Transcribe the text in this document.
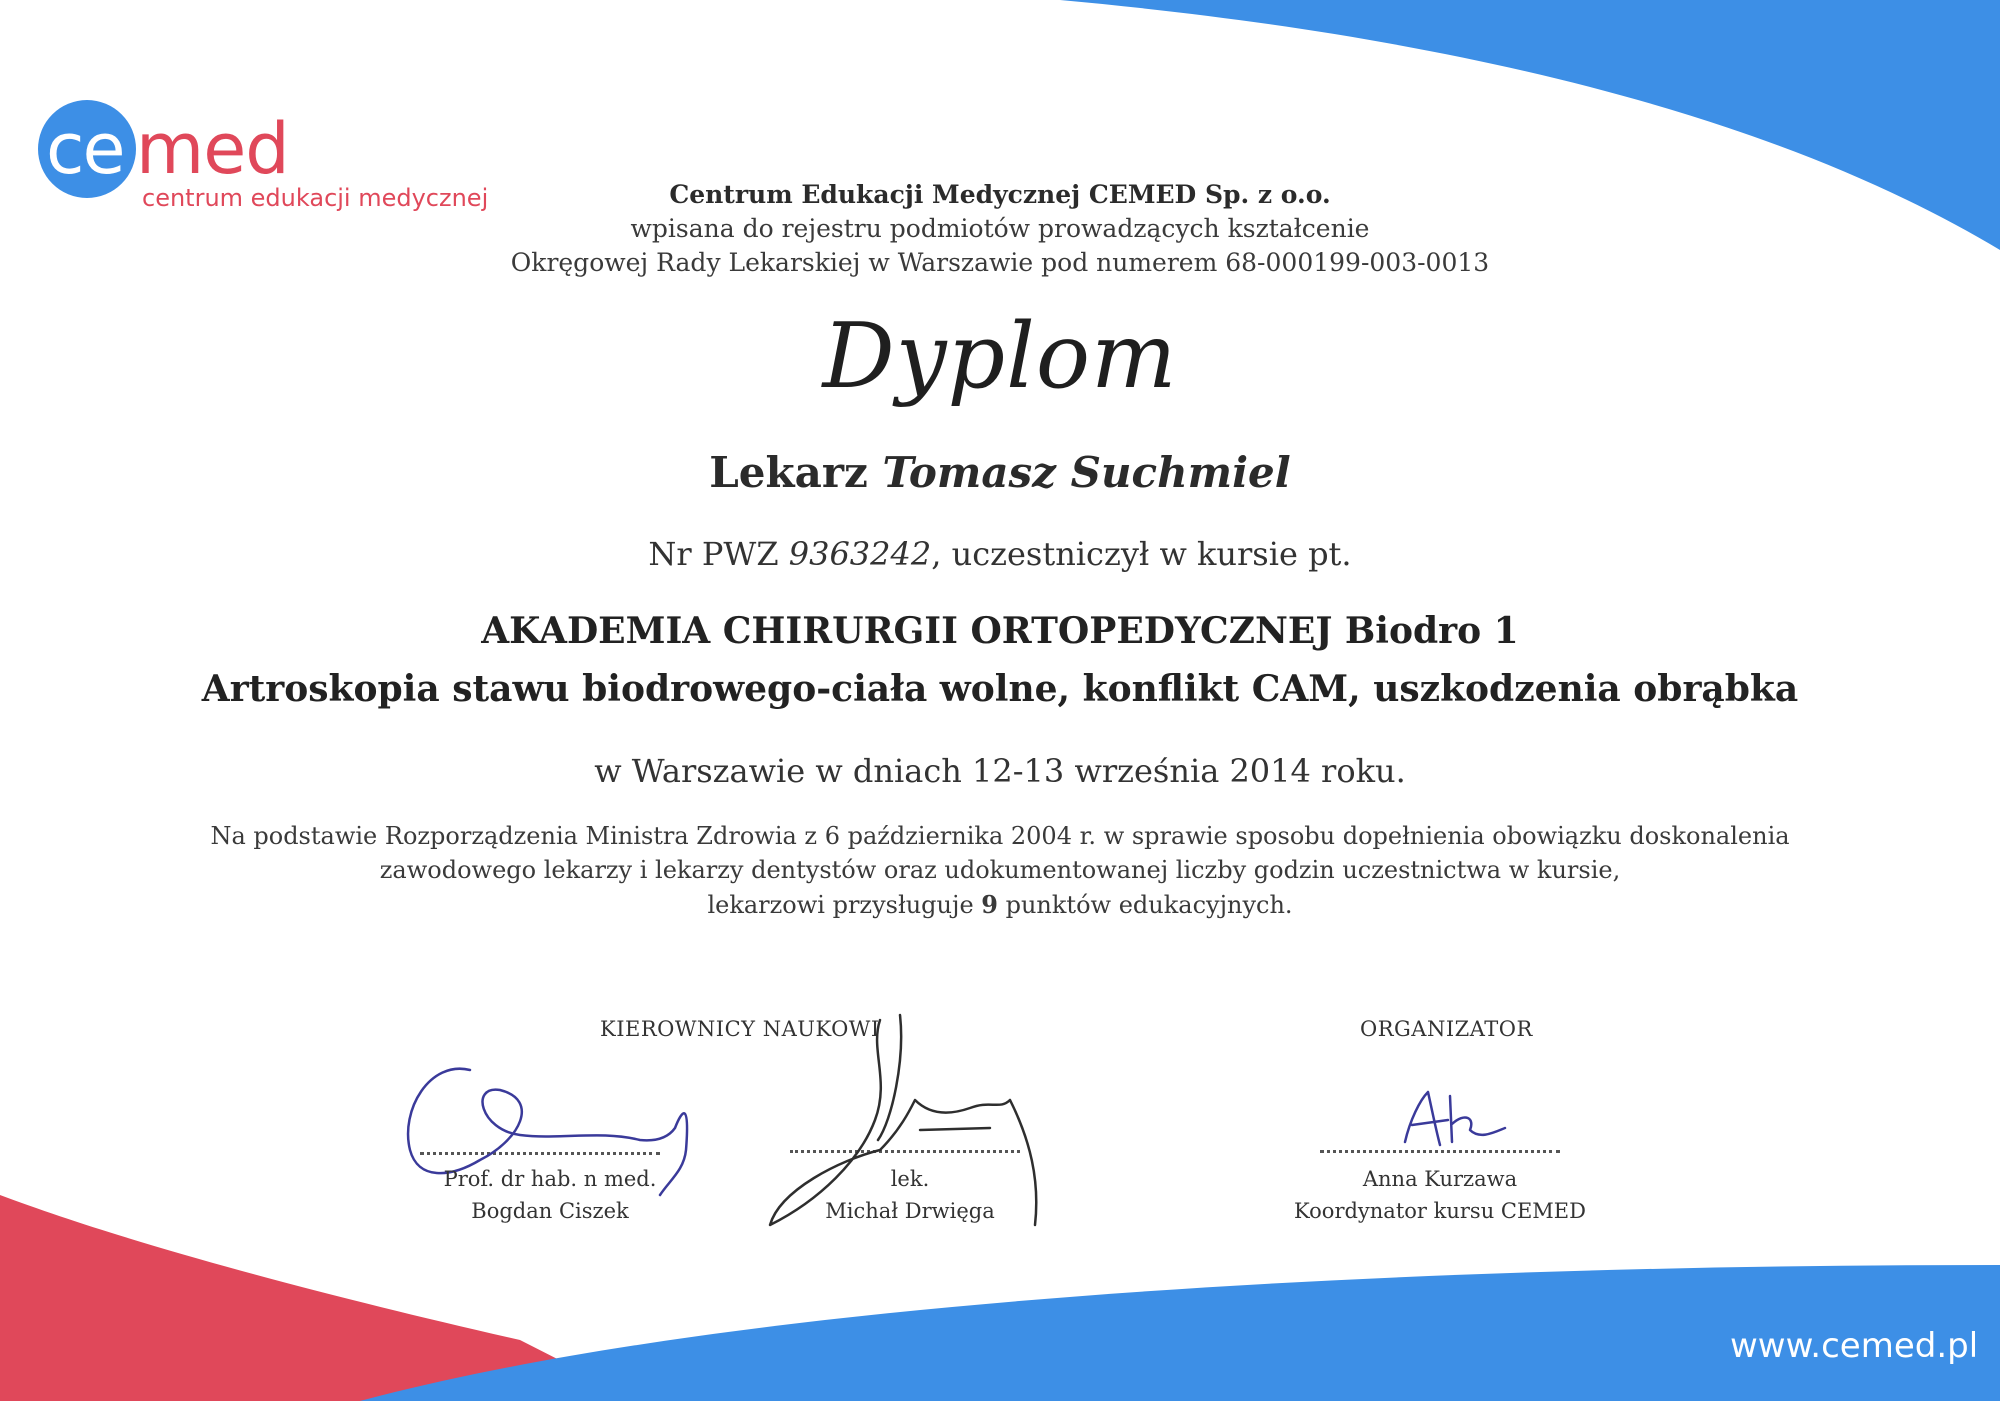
ce med
centrum edukacji medycznej	Centrum Edukacji Medycznej CEMED Sp. z o.o.
wpisana do rejestru podmiotów prowadzących kształcenie
Okręgowej Rady Lekarskiej w Warszawie pod numerem 68-000199-003-0013
Dyplom
Lekarz Tomasz Suchmiel
Nr PWZ 9363242, uczestniczył w kursie pt.
AKADEMIA CHIRURGII ORTOPEDYCZNEJ Biodro 1
Artroskopia stawu biodrowego-ciała wolne, konflikt CAM, uszkodzenia obrąbka
w Warszawie w dniach 12-13 września 2014 roku.
Na podstawie Rozporządzenia Ministra Zdrowia z 6 października 2004 r. w sprawie sposobu dopełnienia obowiązku doskonalenia
zawodowego lekarzy i lekarzy dentystów oraz udokumentowanej liczby godzin uczestnictwa w kursie,
lekarzowi przysługuje 9 punktów edukacyjnych.
KIEROWNICY NAUKOWI	ORGANIZATOR
Prof. dr hab. n med.
Bogdan Ciszek
lek.
Michał Drwięga
Anna Kurzawa
Koordynator kursu CEMED
www.cemed.pl
